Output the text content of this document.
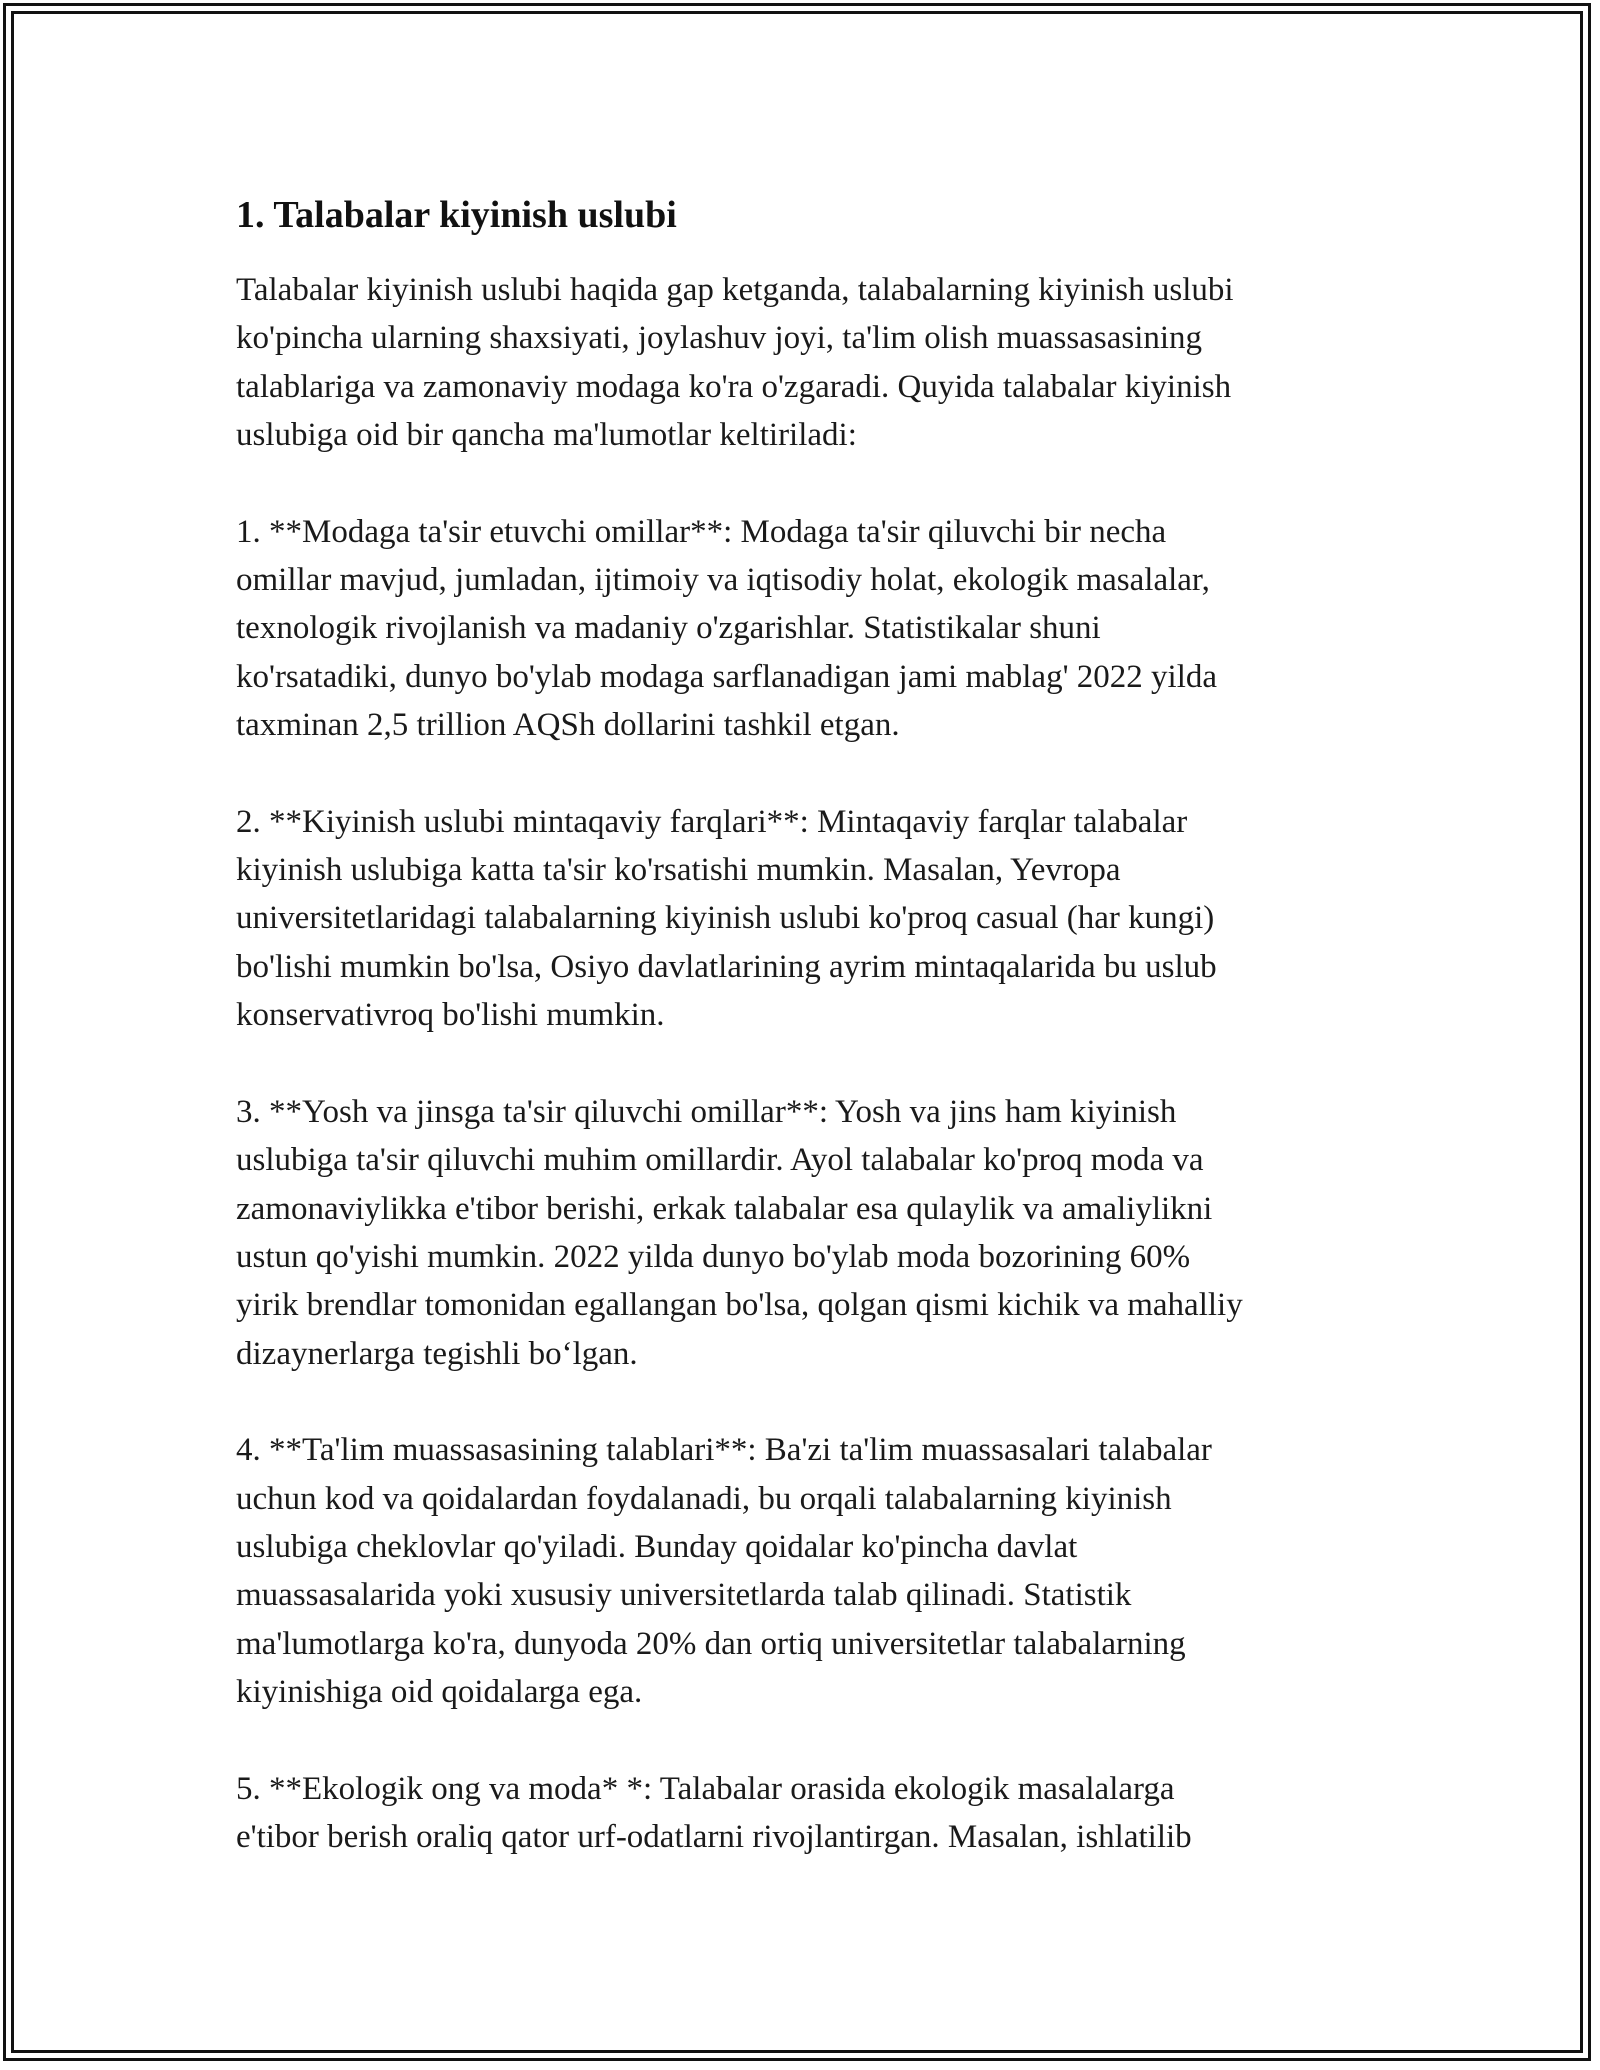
1. Talabalar kiyinish uslubi

Talabalar kiyinish uslubi haqida gap ketganda, talabalarning kiyinish uslubi
ko'pincha ularning shaxsiyati, joylashuv joyi, ta'lim olish muassasasining
talablariga va zamonaviy modaga ko'ra o'zgaradi. Quyida talabalar kiyinish
uslubiga oid bir qancha ma'lumotlar keltiriladi:

1. **Modaga ta'sir etuvchi omillar**: Modaga ta'sir qiluvchi bir necha
omillar mavjud, jumladan, ijtimoiy va iqtisodiy holat, ekologik masalalar,
texnologik rivojlanish va madaniy o'zgarishlar. Statistikalar shuni
ko'rsatadiki, dunyo bo'ylab modaga sarflanadigan jami mablag' 2022 yilda
taxminan 2,5 trillion AQSh dollarini tashkil etgan.

2. **Kiyinish uslubi mintaqaviy farqlari**: Mintaqaviy farqlar talabalar
kiyinish uslubiga katta ta'sir ko'rsatishi mumkin. Masalan, Yevropa
universitetlaridagi talabalarning kiyinish uslubi ko'proq casual (har kungi)
bo'lishi mumkin bo'lsa, Osiyo davlatlarining ayrim mintaqalarida bu uslub
konservativroq bo'lishi mumkin.

3. **Yosh va jinsga ta'sir qiluvchi omillar**: Yosh va jins ham kiyinish
uslubiga ta'sir qiluvchi muhim omillardir. Ayol talabalar ko'proq moda va
zamonaviylikka e'tibor berishi, erkak talabalar esa qulaylik va amaliylikni
ustun qo'yishi mumkin. 2022 yilda dunyo bo'ylab moda bozorining 60%
yirik brendlar tomonidan egallangan bo'lsa, qolgan qismi kichik va mahalliy
dizaynerlarga tegishli bo‘lgan.

4. **Ta'lim muassasasining talablari**: Ba'zi ta'lim muassasalari talabalar
uchun kod va qoidalardan foydalanadi, bu orqali talabalarning kiyinish
uslubiga cheklovlar qo'yiladi. Bunday qoidalar ko'pincha davlat
muassasalarida yoki xususiy universitetlarda talab qilinadi. Statistik
ma'lumotlarga ko'ra, dunyoda 20% dan ortiq universitetlar talabalarning
kiyinishiga oid qoidalarga ega.

5. **Ekologik ong va moda* *: Talabalar orasida ekologik masalalarga
e'tibor berish oraliq qator urf-odatlarni rivojlantirgan. Masalan, ishlatilib
